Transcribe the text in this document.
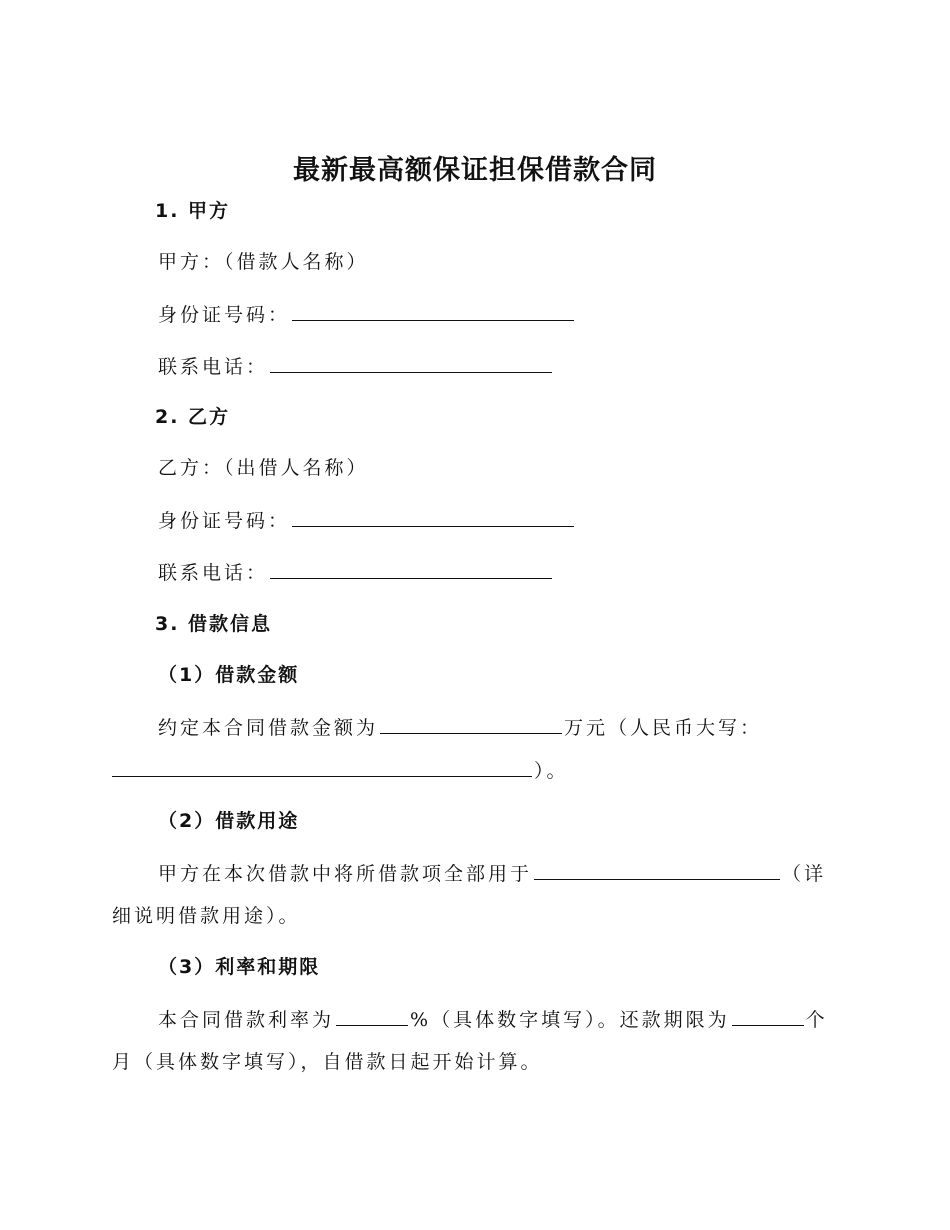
最新最高额保证担保借款合同
1. 甲方
甲方：（借款人名称）
身份证号码：
联系电话：
2. 乙方
乙方：（出借人名称）
身份证号码：
联系电话：
3. 借款信息
（1）借款金额
约定本合同借款金额为	万元（人民币大写：
）。
（2）借款用途
甲方在本次借款中将所借款项全部用于	（详
细说明借款用途）。
（3）利率和期限
本合同借款利率为	%（具体数字填写）。还款期限为	个
月（具体数字填写），自借款日起开始计算。
